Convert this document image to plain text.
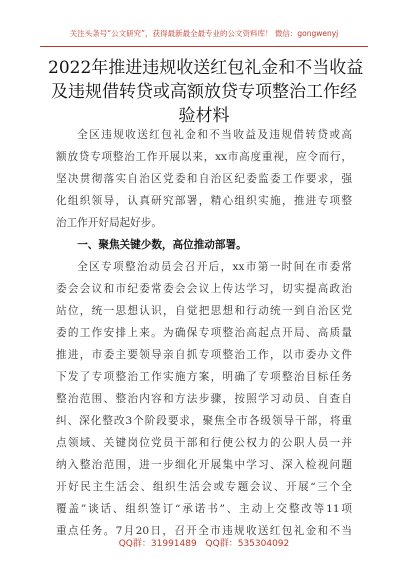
关注头条号“公文研究”，获得最新最全最专业的公文资料库！ 微信：gongwenyj
2022年推进违规收送红包礼金和不当收益
及违规借转贷或高额放贷专项整治工作经
验材料
全区违规收送红包礼金和不当收益及违规借转贷或高
额放贷专项整治工作开展以来，xx市高度重视，应令而行，
坚决贯彻落实自治区党委和自治区纪委监委工作要求，强
化组织领导，认真研究部署，精心组织实施，推进专项整
治工作开好局起好步。
一、聚焦关键少数，高位推动部署。
全区专项整治动员会召开后，xx市第一时间在市委常
委会会议和市纪委常委会会议上传达学习，切实提高政治
站位，统一思想认识，自觉把思想和行动统一到自治区党
委的工作安排上来。为确保专项整治高起点开局、高质量
推进，市委主要领导亲自抓专项整治工作，以市委办文件
下发了专项整治工作实施方案，明确了专项整治目标任务
整治范围、整治内容和方法步骤，按照学习动员、自查自
纠、深化整改3个阶段要求，聚焦全市各级领导干部，将重
点领域、关键岗位党员干部和行使公权力的公职人员一并
纳入整治范围，进一步细化开展集中学习、深入检视问题
开好民主生活会、组织生活会或专题会议、开展“三个全
覆盖”谈话、组织签订“承诺书”、主动上交整改等11项
重点任务。7月20日，召开全市违规收送红包礼金和不当
QQ群：31991489 QQ群：535304092
